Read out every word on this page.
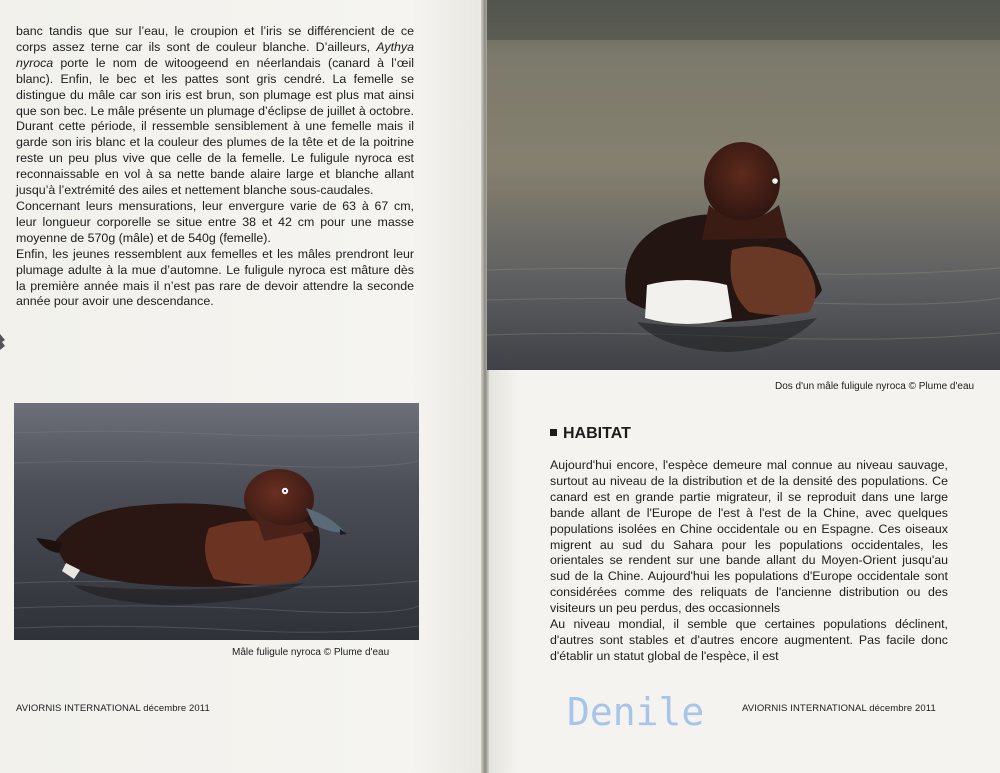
banc tandis que sur l’eau, le croupion et l’iris se différencient de ce corps assez terne car ils sont de couleur blanche. D’ailleurs, Aythya nyroca porte le nom de witoogeend en néerlandais (canard à l’œil blanc). Enfin, le bec et les pattes sont gris cendré. La femelle se distingue du mâle car son iris est brun, son plumage est plus mat ainsi que son bec. Le mâle présente un plumage d’éclipse de juillet à octobre. Durant cette période, il ressemble sensiblement à une femelle mais il garde son iris blanc et la couleur des plumes de la tête et de la poitrine reste un peu plus vive que celle de la femelle. Le fuligule nyroca est reconnaissable en vol à sa nette bande alaire large et blanche allant jusqu’à l’extrémité des ailes et nettement blanche sous-caudales.

Concernant leurs mensurations, leur envergure varie de 63 à 67 cm, leur longueur corporelle se situe entre 38 et 42 cm pour une masse moyenne de 570g (mâle) et de 540g (femelle).

Enfin, les jeunes ressemblent aux femelles et les mâles prendront leur plumage adulte à la mue d’automne. Le fuligule nyroca est mâture dès la première année mais il n’est pas rare de devoir attendre la seconde année pour avoir une descendance.

Mâle fuligule nyroca © Plume d'eau
AVIORNIS INTERNATIONAL décembre 2011
Dos d'un mâle fuligule nyroca © Plume d'eau
HABITAT

Aujourd'hui encore, l'espèce demeure mal connue au niveau sauvage, surtout au niveau de la distribution et de la densité des populations. Ce canard est en grande partie migrateur, il se reproduit dans une large bande allant de l'Europe de l'est à l'est de la Chine, avec quelques populations isolées en Chine occidentale ou en Espagne. Ces oiseaux migrent au sud du Sahara pour les populations occidentales, les orientales se rendent sur une bande allant du Moyen-Orient jusqu'au sud de la Chine. Aujourd'hui les populations d'Europe occidentale sont considérées comme des reliquats de l'ancienne distribution ou des visiteurs un peu perdus, des occasionnels

Au niveau mondial, il semble que certaines populations déclinent, d'autres sont stables et d'autres encore augmentent. Pas facile donc d'établir un statut global de l'espèce, il est

AVIORNIS INTERNATIONAL décembre 2011
Denile
